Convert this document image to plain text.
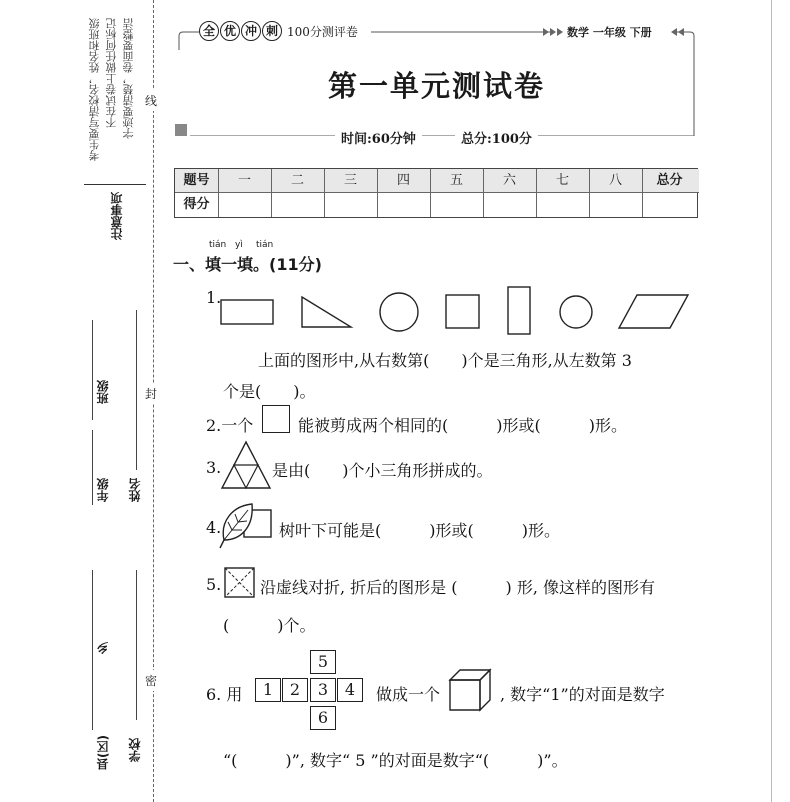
考生要写清校名，姓名和班级 不在试卷上做任何标记 字迹要清楚，卷面要整洁
注意事项
班级
年级 姓名
乡
县(区) 学校
线
封
密
全 优 冲 刺 100分测评卷	数学 一年级 下册
第一单元测试卷
时间:60分钟	总分:100分
题号	一	二	三	四	五	六	七	八	总分
得分
tián yì tián
一、填一填。(11分)
1.
上面的图形中,从右数第(　　)个是三角形,从左数第 3
个是(　　)。
2.一个	能被剪成两个相同的(　　　)形或(　　　)形。
3.	是由(　　)个小三角形拼成的。
4.	树叶下可能是(　　　)形或(　　　)形。
5. 沿虚线对折, 折后的图形是 (　　　) 形, 像这样的图形有
(　　　)个。
6. 用
5
1	2	3	4
6
做成一个	, 数字“1”的对面是数字
“(　　　)”, 数字“ 5 ”的对面是数字“(　　　)”。
